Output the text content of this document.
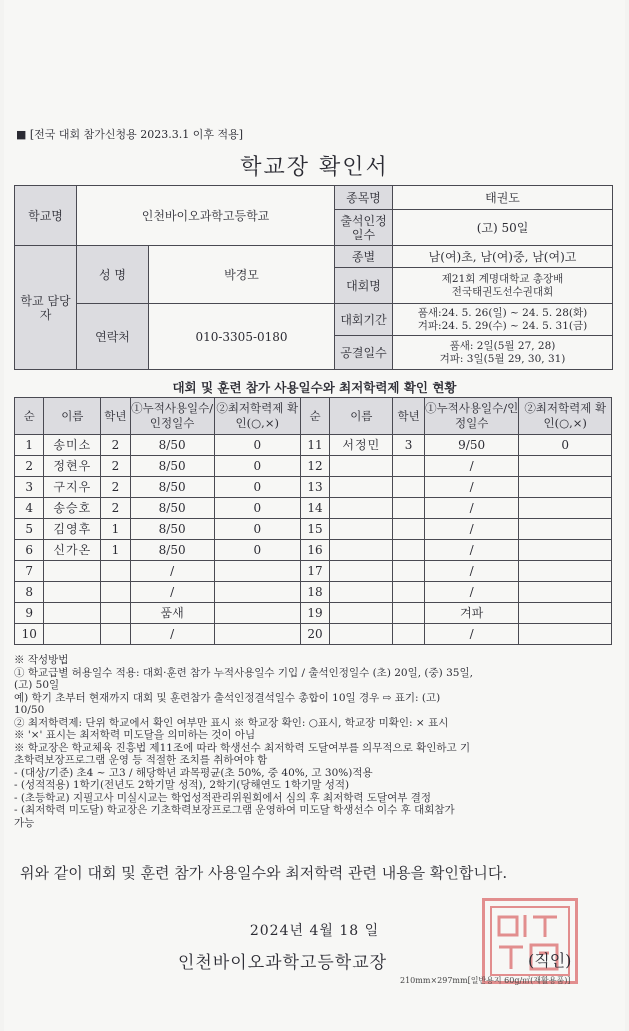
■ [전국 대회 참가신청용 2023.3.1 이후 적용]
학교장 확인서
학교명	인천바이오과학고등학교		종목명	태권도
			출석인정일수	(고) 50일
학교 담당자	성 명	박경모	종별	남(여)초, 남(여)중, 남(여)고
			대회명	제21회 계명대학교 총장배
전국태권도선수권대회

	연락처	010-3305-0180	대회기간	품새:24. 5. 26(일) ~ 24. 5. 28(화)
겨파:24. 5. 29(수) ~ 24. 5. 31(금)

			공결일수	품새: 2일(5월 27, 28)
겨파: 3일(5월 29, 30, 31)
대회 및 훈련 참가 사용일수와 최저학력제 확인 현황
순	이름	학년	①누적사용일수/인정일수	②최저학력제 확인(○,×)	순	이름	학년	①누적사용일수/인정일수	②최저학력제 확인(○,×)
1	송미소	2	8/50	0	11	서정민	3	9/50	0
2	정현우	2	8/50	0	12			/	
3	구지우	2	8/50	0	13			/	
4	송승호	2	8/50	0	14			/	
5	김영후	1	8/50	0	15			/	
6	신가온	1	8/50	0	16			/	
7			/		17			/	
8			/		18			/	
9			품새		19			겨파	
10			/		20			/	
※ 작성방법
① 학교급별 허용일수 적용: 대회·훈련 참가 누적사용일수 기입 / 출석인정일수 (초) 20일, (중) 35일,
(고) 50일
예) 학기 초부터 현재까지 대회 및 훈련참가 출석인정결석일수 총합이 10일 경우 ⇨ 표기: (고)
10/50
② 최저학력제: 단위 학교에서 확인 여부만 표시 ※ 학교장 확인: ○표시, 학교장 미확인: × 표시
※ '×' 표시는 최저학력 미도달을 의미하는 것이 아님
※ 학교장은 학교체육 진흥법 제11조에 따라 학생선수 최저학력 도달여부를 의무적으로 확인하고 기
초학력보장프로그램 운영 등 적절한 조치를 취하여야 함
- (대상/기준) 초4 ~ 고3 / 해당학년 과목평균(초 50%, 중 40%, 고 30%)적용
- (성적적용) 1학기(전년도 2학기말 성적), 2학기(당해연도 1학기말 성적)
- (초등학교) 지필고사 미실시교는 학업성적관리위원회에서 심의 후 최저학력 도달여부 결정
- (최저학력 미도달) 학교장은 기초학력보장프로그램 운영하여 미도달 학생선수 이수 후 대회참가
가능
위와 같이 대회 및 훈련 참가 사용일수와 최저학력 관련 내용을 확인합니다.
2024년 4월 18 일
인천바이오과학고등학교장	(직인)
210mm×297mm[일반용지 60g/㎡(재활용품)]
